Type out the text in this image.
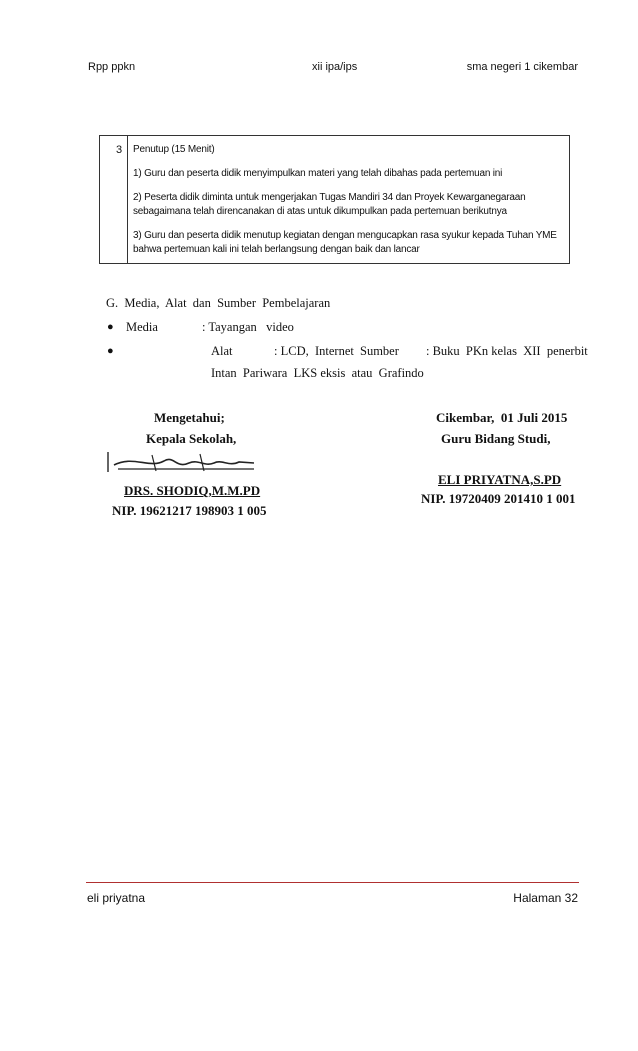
Rpp ppkn	xii ipa/ips	sma negeri 1 cikembar
3	Penutup (15 Menit)

1) Guru dan peserta didik menyimpulkan materi yang telah dibahas pada pertemuan ini

2) Peserta didik diminta untuk mengerjakan Tugas Mandiri 34 dan Proyek Kewarganegaraan sebagaimana telah direncanakan di atas untuk dikumpulkan pada pertemuan berikutnya

3) Guru dan peserta didik menutup kegiatan dengan mengucapkan rasa syukur kepada Tuhan YME bahwa pertemuan kali ini telah berlangsung dengan baik dan lancar

G.  Media,  Alat  dan  Sumber  Pembelajaran
● Media	: Tayangan   video
●	Alat	: LCD,  Internet Sumber : Buku  PKn kelas  XII  penerbit
Intan  Pariwara  LKS eksis  atau  Grafindo
Mengetahui;
Kepala Sekolah,
DRS. SHODIQ,M.M.PD
NIP. 19621217 198903 1 005
Cikembar,  01 Juli 2015
Guru Bidang Studi,
ELI PRIYATNA,S.PD
NIP. 19720409 201410 1 001
eli priyatna	Halaman 32
